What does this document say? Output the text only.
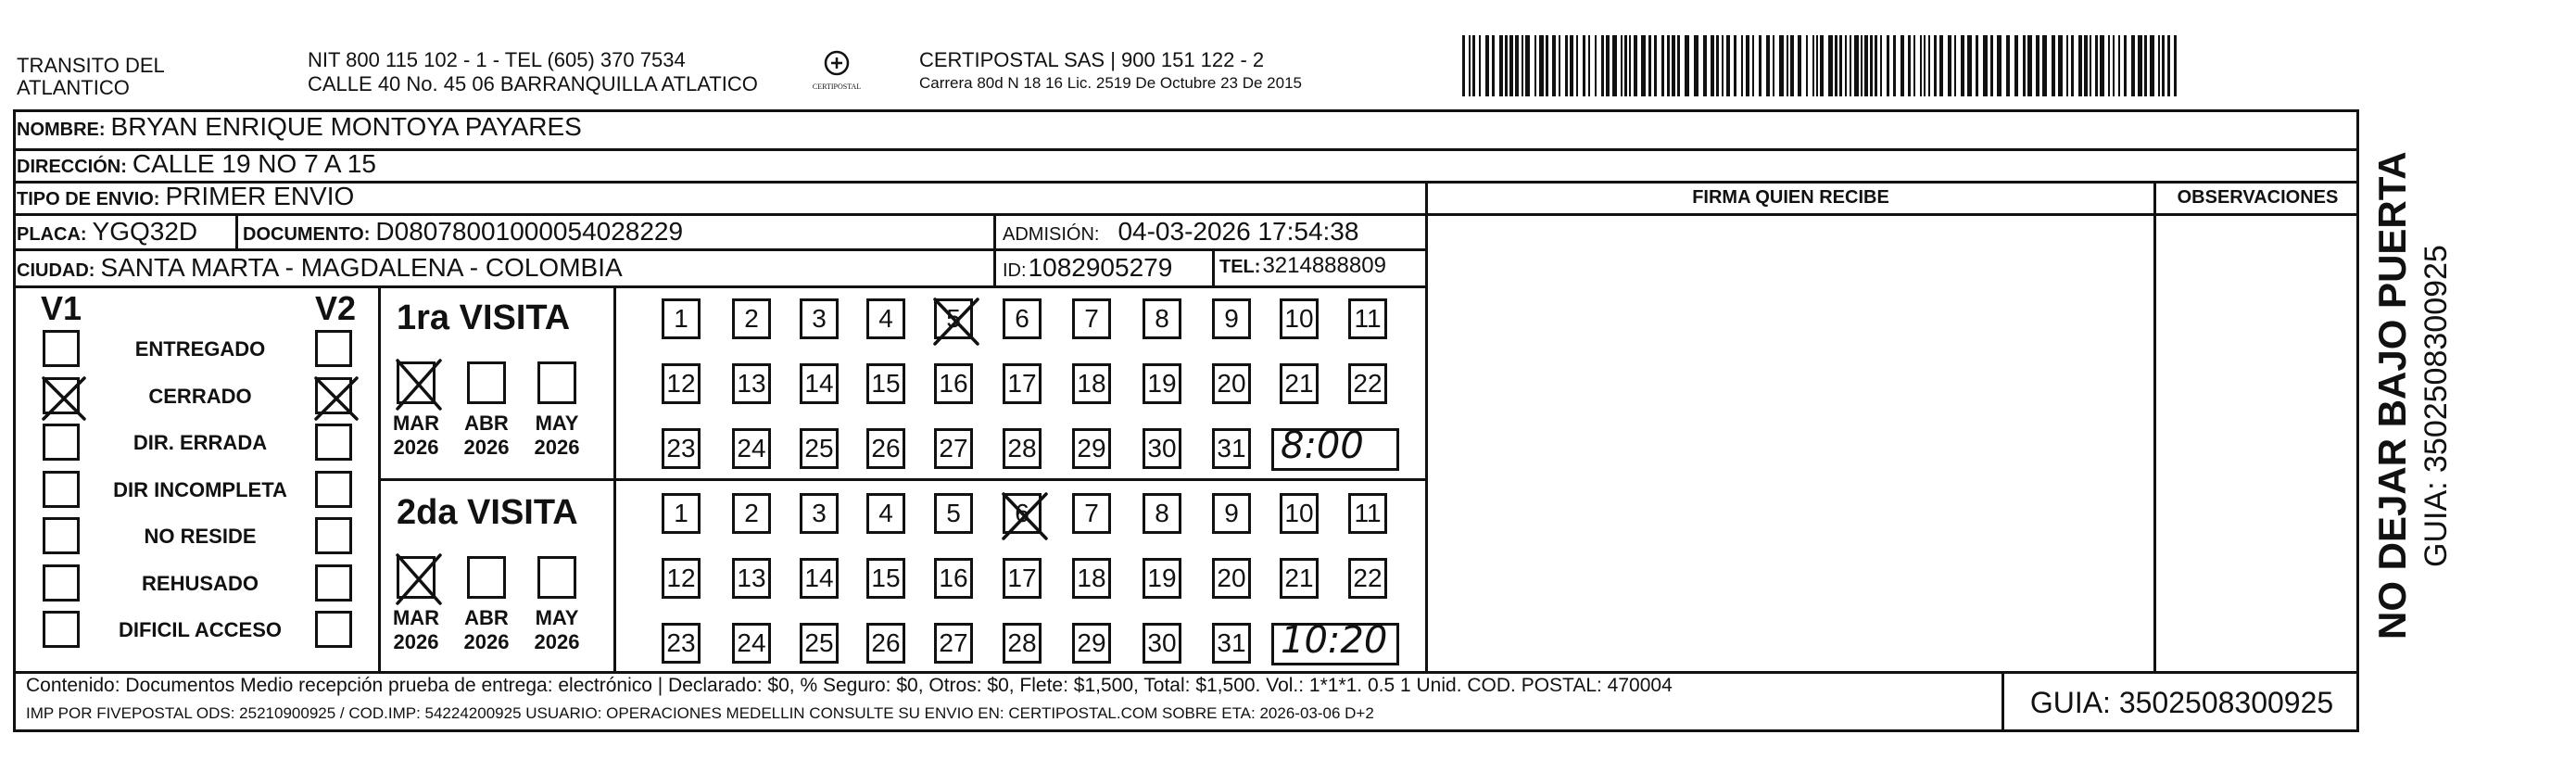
TRANSITO DEL
ATLANTICO
NIT 800 115 102 - 1 - TEL (605) 370 7534
CALLE 40 No. 45 06 BARRANQUILLA ATLATICO	CERTIPOSTAL
CERTIPOSTAL SAS | 900 151 122 - 2
Carrera 80d N 18 16 Lic. 2519 De Octubre 23 De 2015
NOMBRE: BRYAN ENRIQUE MONTOYA PAYARES
DIRECCIÓN: CALLE 19 NO 7 A 15
TIPO DE ENVIO: PRIMER ENVIO	FIRMA QUIEN RECIBE	OBSERVACIONES
PLACA: YGQ32D DOCUMENTO: D08078001000054028229	ADMISIÓN: 04-03-2026 17:54:38
CIUDAD: SANTA MARTA - MAGDALENA - COLOMBIA	ID: 1082905279	TEL: 3214888809
V1	V2
ENTREGADO
CERRADO
DIR. ERRADA
DIR INCOMPLETA
NO RESIDE
REHUSADO
DIFICIL ACCESO
1ra VISITA
MAR
2026
ABR
2026
MAY
2026
1 2 3 4 5 6 7 8 9 10 11
12 13 14 15 16 17 18 19 20 21 22
23 24 25 26 27 28 29 30 31 8:00
2da VISITA
MAR
2026
ABR
2026
MAY
2026
1 2 3 4 5 6 7 8 9 10 11
12 13 14 15 16 17 18 19 20 21 22
23 24 25 26 27 28 29 30 31 10:20
Contenido: Documentos Medio recepción prueba de entrega: electrónico | Declarado: $0, % Seguro: $0, Otros: $0, Flete: $1,500, Total: $1,500. Vol.: 1*1*1. 0.5 1 Unid. COD. POSTAL: 470004
IMP POR FIVEPOSTAL ODS: 25210900925 / COD.IMP: 54224200925 USUARIO: OPERACIONES MEDELLIN CONSULTE SU ENVIO EN: CERTIPOSTAL.COM SOBRE ETA: 2026-03-06 D+2	GUIA: 3502508300925
NO DEJAR BAJO PUERTA GUIA: 3502508300925
